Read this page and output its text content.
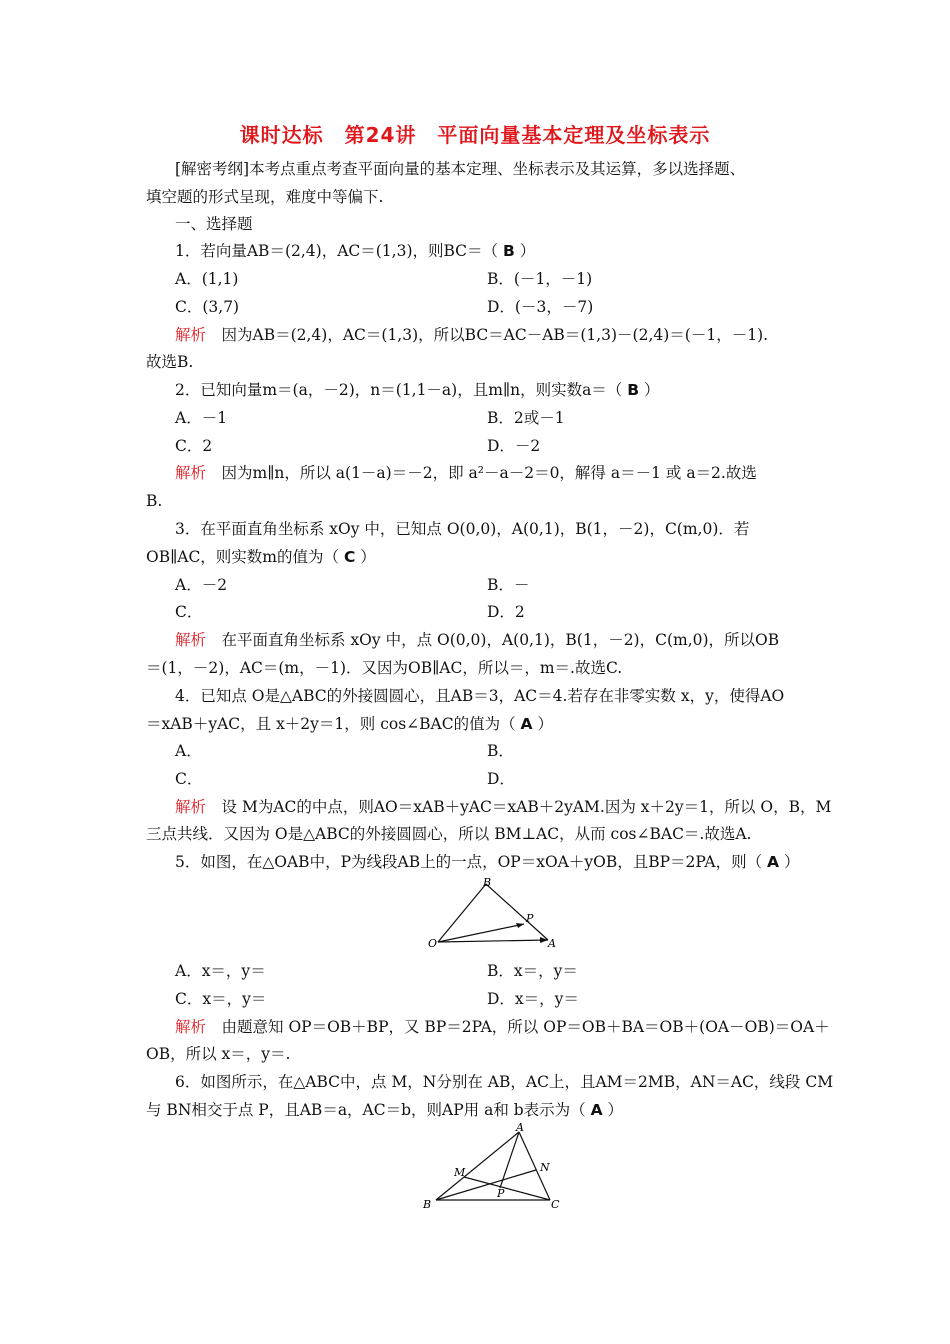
课时达标　第24讲　平面向量基本定理及坐标表示
[解密考纲]本考点重点考查平面向量的基本定理、坐标表示及其运算，多以选择题、
填空题的形式呈现，难度中等偏下.
一、选择题
1．若向量AB＝(2,4)，AC＝(1,3)，则BC＝（ B ）
A．(1,1)	B．(－1，－1)
C．(3,7)	D．(－3，－7)
解析　因为AB＝(2,4)，AC＝(1,3)，所以BC＝AC－AB＝(1,3)－(2,4)＝(－1，－1).
故选B.
2．已知向量m＝(a，－2)，n＝(1,1－a)，且m∥n，则实数a＝（ B ）
A．－1	B．2或－1
C．2	D．－2
解析　因为m∥n，所以 a(1－a)＝－2，即 a²－a－2＝0，解得 a＝－1 或 a＝2.故选
B.
3．在平面直角坐标系 xOy 中，已知点 O(0,0)，A(0,1)，B(1，－2)，C(m,0)．若
OB∥AC，则实数m的值为（ C ）
A．－2	B．－
C．	D．2
解析　在平面直角坐标系 xOy 中，点 O(0,0)，A(0,1)，B(1，－2)，C(m,0)，所以OB
＝(1，－2)，AC＝(m，－1)．又因为OB∥AC，所以＝，m＝.故选C.
4．已知点 O是△ABC的外接圆圆心，且AB＝3，AC＝4.若存在非零实数 x，y，使得AO
＝xAB＋yAC，且 x＋2y＝1，则 cos∠BAC的值为（ A ）
A．	B．
C．	D．
解析　设 M为AC的中点，则AO＝xAB＋yAC＝xAB＋2yAM.因为 x＋2y＝1，所以 O，B，M
三点共线．又因为 O是△ABC的外接圆圆心，所以 BM⊥AC，从而 cos∠BAC＝.故选A.
5．如图，在△OAB中，P为线段AB上的一点，OP＝xOA＋yOB，且BP＝2PA，则（ A ）
B
P
O	A
A．x＝，y＝	B．x＝，y＝
C．x＝，y＝	D．x＝，y＝
解析　由题意知 OP＝OB＋BP，又 BP＝2PA，所以 OP＝OB＋BA＝OB＋(OA－OB)＝OA＋
OB，所以 x＝，y＝.
6．如图所示，在△ABC中，点 M，N分别在 AB，AC上，且AM＝2MB，AN＝AC，线段 CM
与 BN相交于点 P，且AB＝a，AC＝b，则AP用 a和 b表示为（ A ）
A
M	N
P
B	C
